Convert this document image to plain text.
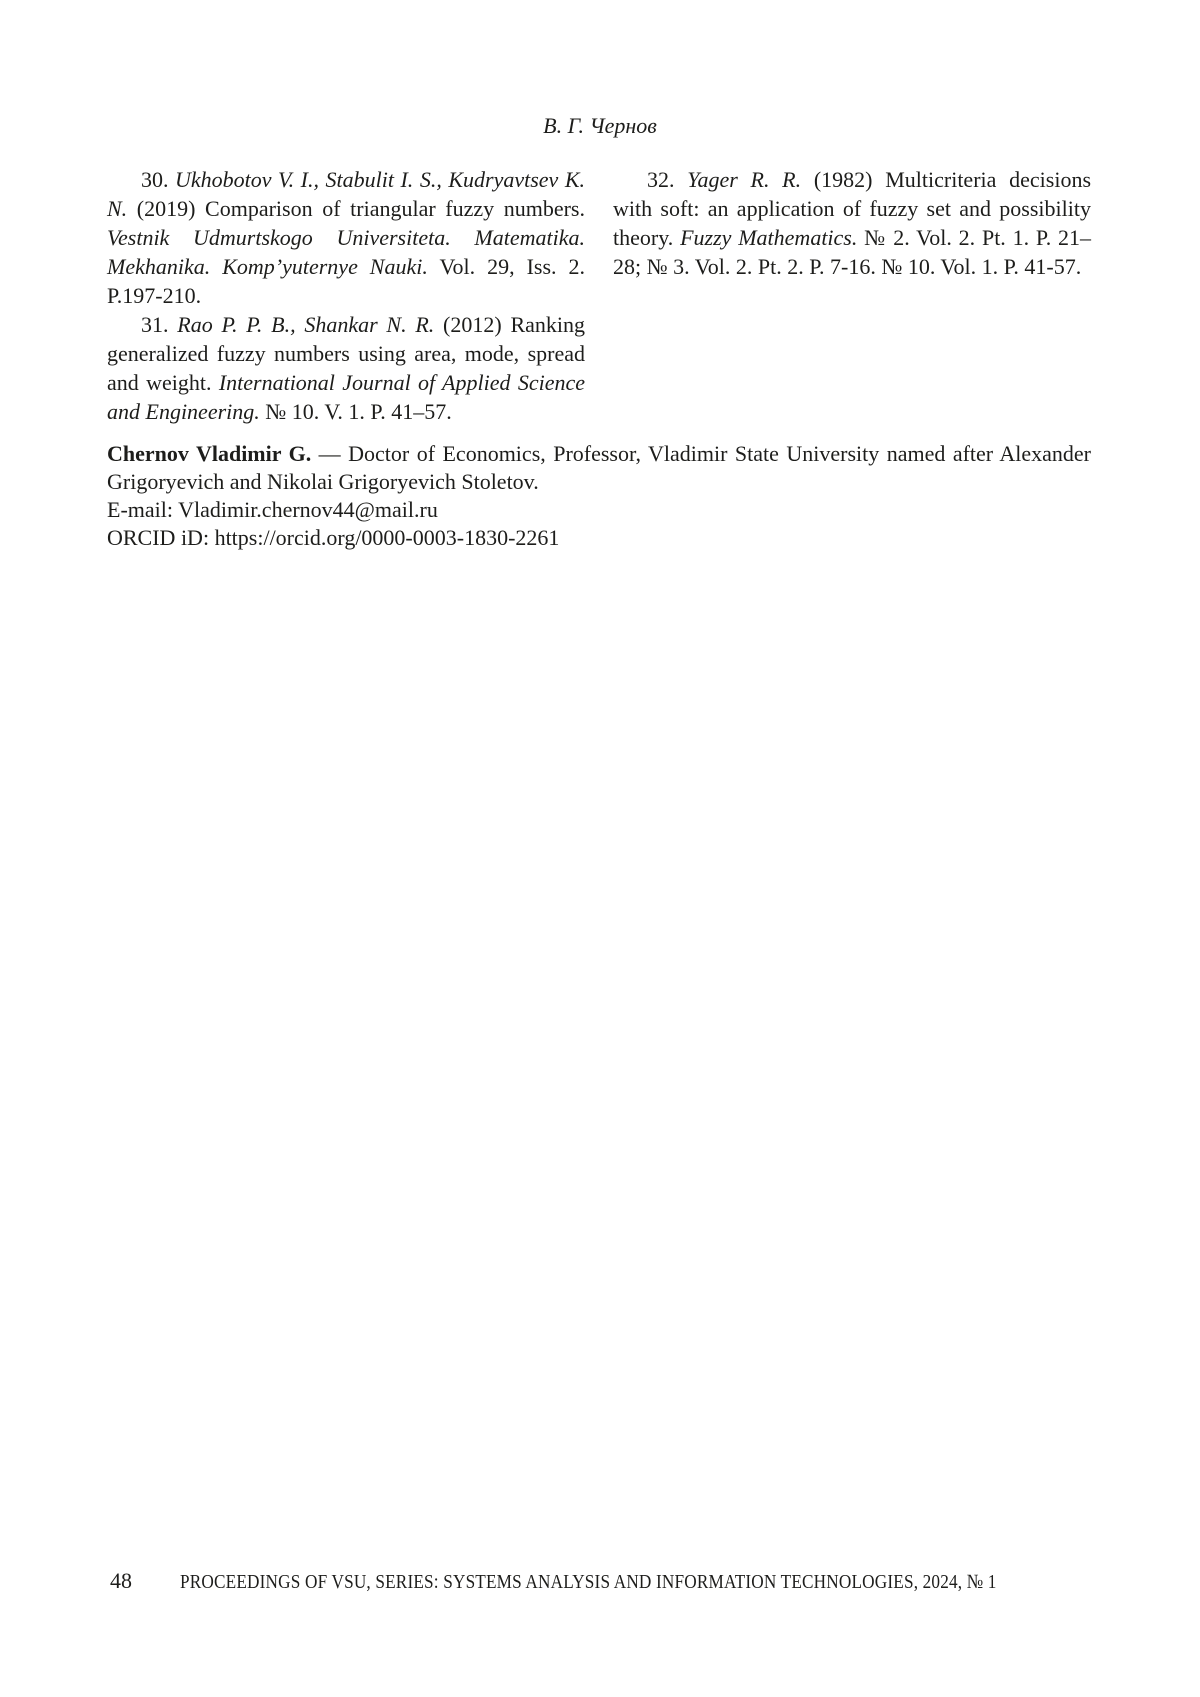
В. Г. Чернов

30. Ukhobotov V. I., Stabulit I. S., Kudryavtsev K. N. (2019) Comparison of triangular fuzzy numbers. Vestnik Udmurtskogo Universiteta. Matematika. Mekhanika. Komp’yuternye Nauki. Vol. 29, Iss. 2. P.197-210.

31. Rao P. P. B., Shankar N. R. (2012) Ranking generalized fuzzy numbers using area, mode, spread and weight. International Journal of Applied Science and Engineering. № 10. V. 1. P. 41–57.

32. Yager R. R. (1982) Multicriteria decisions with soft: an application of fuzzy set and possibility theory. Fuzzy Mathematics. № 2. Vol. 2. Pt. 1. P. 21–28; № 3. Vol. 2. Pt. 2. P. 7-16. № 10. Vol. 1. P. 41-57.

Chernov Vladimir G. — Doctor of Economics, Professor, Vladimir State University named after Alexander Grigoryevich and Nikolai Grigoryevich Stoletov.

E-mail: Vladimir.chernov44@mail.ru

ORCID iD: https://orcid.org/0000-0003-1830-2261

48 PROCEEDINGS OF VSU, SERIES: SYSTEMS ANALYSIS AND INFORMATION TECHNOLOGIES, 2024, № 1
